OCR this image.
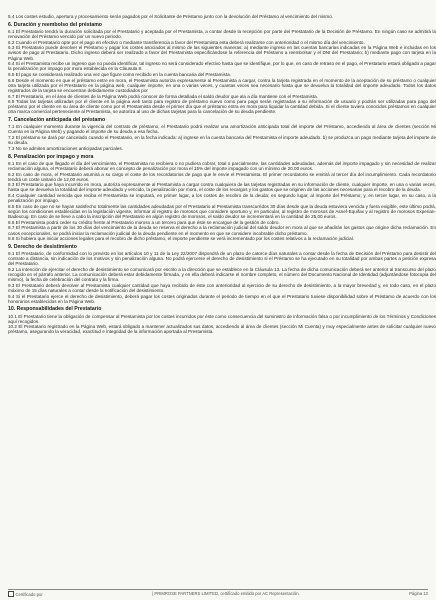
5.4 Los costes estudio, apertura y procesamiento serán pagados por el Solicitante de Préstamo junto con la devolución del Préstamo al vencimiento del mismo.

6. Duración y reembolso del préstamo

6.1 El Prestatario tendrá la duración solicitada por el Prestatario y aceptada por el Prestamista, a contar desde la recepción por parte del Prestatario de la Decisión de Préstamo. En ningún caso se admitirá la renovación del Préstamo vencido por un nuevo periodo.

6.2 Cuando el Prestatario opte por el pago en efectivo o mediante transferencia a favor del Prestamista esta deberá realizarse con anterioridad o el mismo día del vencimiento.

6.3 El Prestatario puede devolver el Préstamo y pagar los costes asociados al mismo de las siguientes maneras: a) mediante ingreso en las cuentas bancarias indicadas en la Página Web e incluidas en los avisos de pago al Prestatario. Dicho ingreso deberá ser realizado a favor del Prestamista especificándose la referencia del Préstamo a reembolsar y el DNI del Prestatario; b) mediante pago con tarjeta en la Página Web.

6.4 Si el Prestamista recibe un ingreso que no pueda identificar, tal ingreso no será considerado efectivo hasta que se identifique, por lo que, en caso de retraso en el pago, el Prestatario estará obligado a pagar la penalización por impago por mora establecida en la Cláusula 8.

6.5 El pago se considerará realizado una vez que figure como recibido en la cuenta bancaria del Prestamista.

6.6 Desde el momento en que el préstamo entre en mora, el Prestamista autoriza expresamente al Prestamista a cargar, contra la tarjeta registrada en el momento de la aceptación de su préstamo o cualquier otra tarjeta utilizada por el Prestatario en la página web, cualquier importe, en una o varias veces, y cuantas veces sea necesario hasta que se devuelva la totalidad del importe adeudado. Todos los datos registrados de la tarjeta se encuentran debidamente custodiados por

6.7 El Prestatario, en el área de clientes de la Página Web podrá conocer de forma detallada el saldo deudor que ala a día mantiene con el Prestamista.

6.8 Todas las tarjetas utilizadas por el cliente en la página web tanto para registro de préstamo nuevo como para pago serán registradas a su información de usuario y podrán ser utilizadas para pago del préstamo por el cliente en su área de cliente como por el Prestamista desde el primer día que el préstamo entra en mora para liquidar la cantidad debida. Si el cliente tuviera conocidos préstamos en cualquier otra marca comercial perteneciente al Prestamista, se autoriza al uso de dichas tarjetas para la cancelación de su deuda pendiente.

7. Cancelación anticipada del préstamo

7.1 En cualquier momento durante la vigencia del contrato de préstamo, el Prestatario podrá realizar una amortización anticipada total del importe del Préstamo, accediendo al área de clientes (sección Mi Cuenta en la Página Web) y pagando el importe de su deuda a esa fecha.

7.2 El préstamo se dará por cancelado cuando el Prestatario, en la fecha indicada: a) ingrese en la cuenta bancaria del Prestamista el importe adeudado. b) se produzca un pago mediante tarjeta del importe de su deuda.

7.3 No se admiten amortizaciones anticipadas parciales.

8. Penalización por impago y mora

8.1 En el caso de que llegado el día del vencimiento, el Prestamista no recibiera o no pudiera cobrar, total o parcialmente, las cantidades adeudadas, además del importe impagado y sin necesidad de realizar reclamación alguna, el Prestatario deberá abonar en concepto de penalización por mora el 15% del importe impagado con un mínimo de 20,00 euros.

8.2 En caso de mora, el Prestatario asumirá a su cargo el coste de los recordatorios de pago que le envíe el Prestamista. El primer recordatorio se emitirá al tercer día del incumplimiento. Cada recordatorio tendrá un coste unitario de 12,00 euros.

8.3 El Prestatario que haya incurrido en mora, autoriza expresamente al Prestamista a cargar contra cualquiera de las tarjetas registradas en su información de cliente, cualquier importe, en una o varias veces, hasta que se devuelva la totalidad del importe adeudado y vencido, la penalización por mora, el coste de los recargos y los gastos que se originen de las acciones necesarias para el recobro de la deuda.

8.4 Cualquier cantidad vencida que reciba el Prestamista se imputará, en primer lugar, a los costes de recobro de la deuda; en segundo lugar, al importe del Préstamo; y, en tercer lugar, en su caso, a la penalización por impago.

8.5 En caso de que no se hayan satisfecho totalmente las cantidades adeudadas por el Prestatario al Prestamista transcurridos 30 días desde que la deuda estuviera vencida y fuera exigible, este último podrá, según los condiciones establecidas en la legislación vigente, informar al registro de morosos que considere oportuno y, en particular, al registro de morosos de Asnef-Equifax y al registro de morosos Experian-Badexcug. En caso de se lleve a cabo la inscripción del Prestatario en algún registro de morosos, el saldo deudor se incrementará en la cantidad de 25,00 euros.

8.6 El Prestamista podrá ceder su crédito frente al Prestatario moroso a un tercero para que éste se encargue de la gestión de cobro.

8.7 El Prestamista a partir de los 30 días del vencimiento de la deuda se reserva el derecho a la reclamación judicial del saldo deudor en mora al que se añadirán los gastos que origine dicha reclamación. En casos excepcionales, se podrá iniciar la reclamación judicial de la deuda pendiente en el momento en que se considere incobrable dicho préstamo.

8.8 Si hubiera que iniciar acciones legales para el recobro de dicho préstamo, el importe pendiente se verá incrementado por los costes relativos a la reclamación judicial.

9. Derecho de desistimiento

9.1 El Prestatario, de conformidad con lo previsto en los artículos 10 y 11 de la Ley 22/2007 dispondrá de un plazo de catorce días naturales a contar desde la fecha de Decisión del Préstamo para desistir del contrato a distancia, sin indicación de los motivos y sin penalización alguna. No podrá ejercerse el derecho de desistimiento si el Préstamo se ha ejecutado en su totalidad por ambas partes a petición expresa del Prestatario.

9.2 La intención de ejercitar el derecho de desistimiento se comunicará por escrito a la dirección que se establece en la Cláusula 13. La fecha de dicha comunicación deberá ser anterior al transcurso del plazo recogido en el párrafo anterior. La comunicación deberá estar debidamente firmada, y en ella deberá indicarse el nombre completo, el número del Documento Nacional de Identidad (adjuntándose fotocopia del mismo), la fecha de celebración del contrato y la firma.

9.3 El Prestatario deberá devolver al Prestamista cualquier cantidad que haya recibido de éste con anterioridad al ejercicio de su derecho de desistimiento, a la mayor brevedad y, en todo caso, en el plazo máximo de 15 días naturales a contar desde la notificación del desistimiento.

9.4 Si el Prestatario ejerce el derecho de desistimiento, deberá pagar los costes originados durante el periodo de tiempo en el que el Prestatario tuviese disponibilidad sobre el Préstamo de acuerdo con los honorarios establecidos en la Página Web.

10. Responsabilidades del Prestatario

10.1 El Prestatario tiene la obligación de compensar al Prestamista por los costes incurridos por éste como consecuencia del suministro de información falsa o por incumplimiento de los Términos y Condiciones aquí recogidos.

10.2 El Prestatario registrado en la Página Web, estará obligado a mantener actualizados sus datos, accediendo al área de clientes (sección Mi Cuenta) y muy especialmente antes de solicitar cualquier nuevo préstamo, asegurando la veracidad, exactitud e integridad de la información aportada al Prestamista.

Certificado por	| PRIMROSE PARTNERS LIMITED, certificado emitido por AC Representación.	Página 13
